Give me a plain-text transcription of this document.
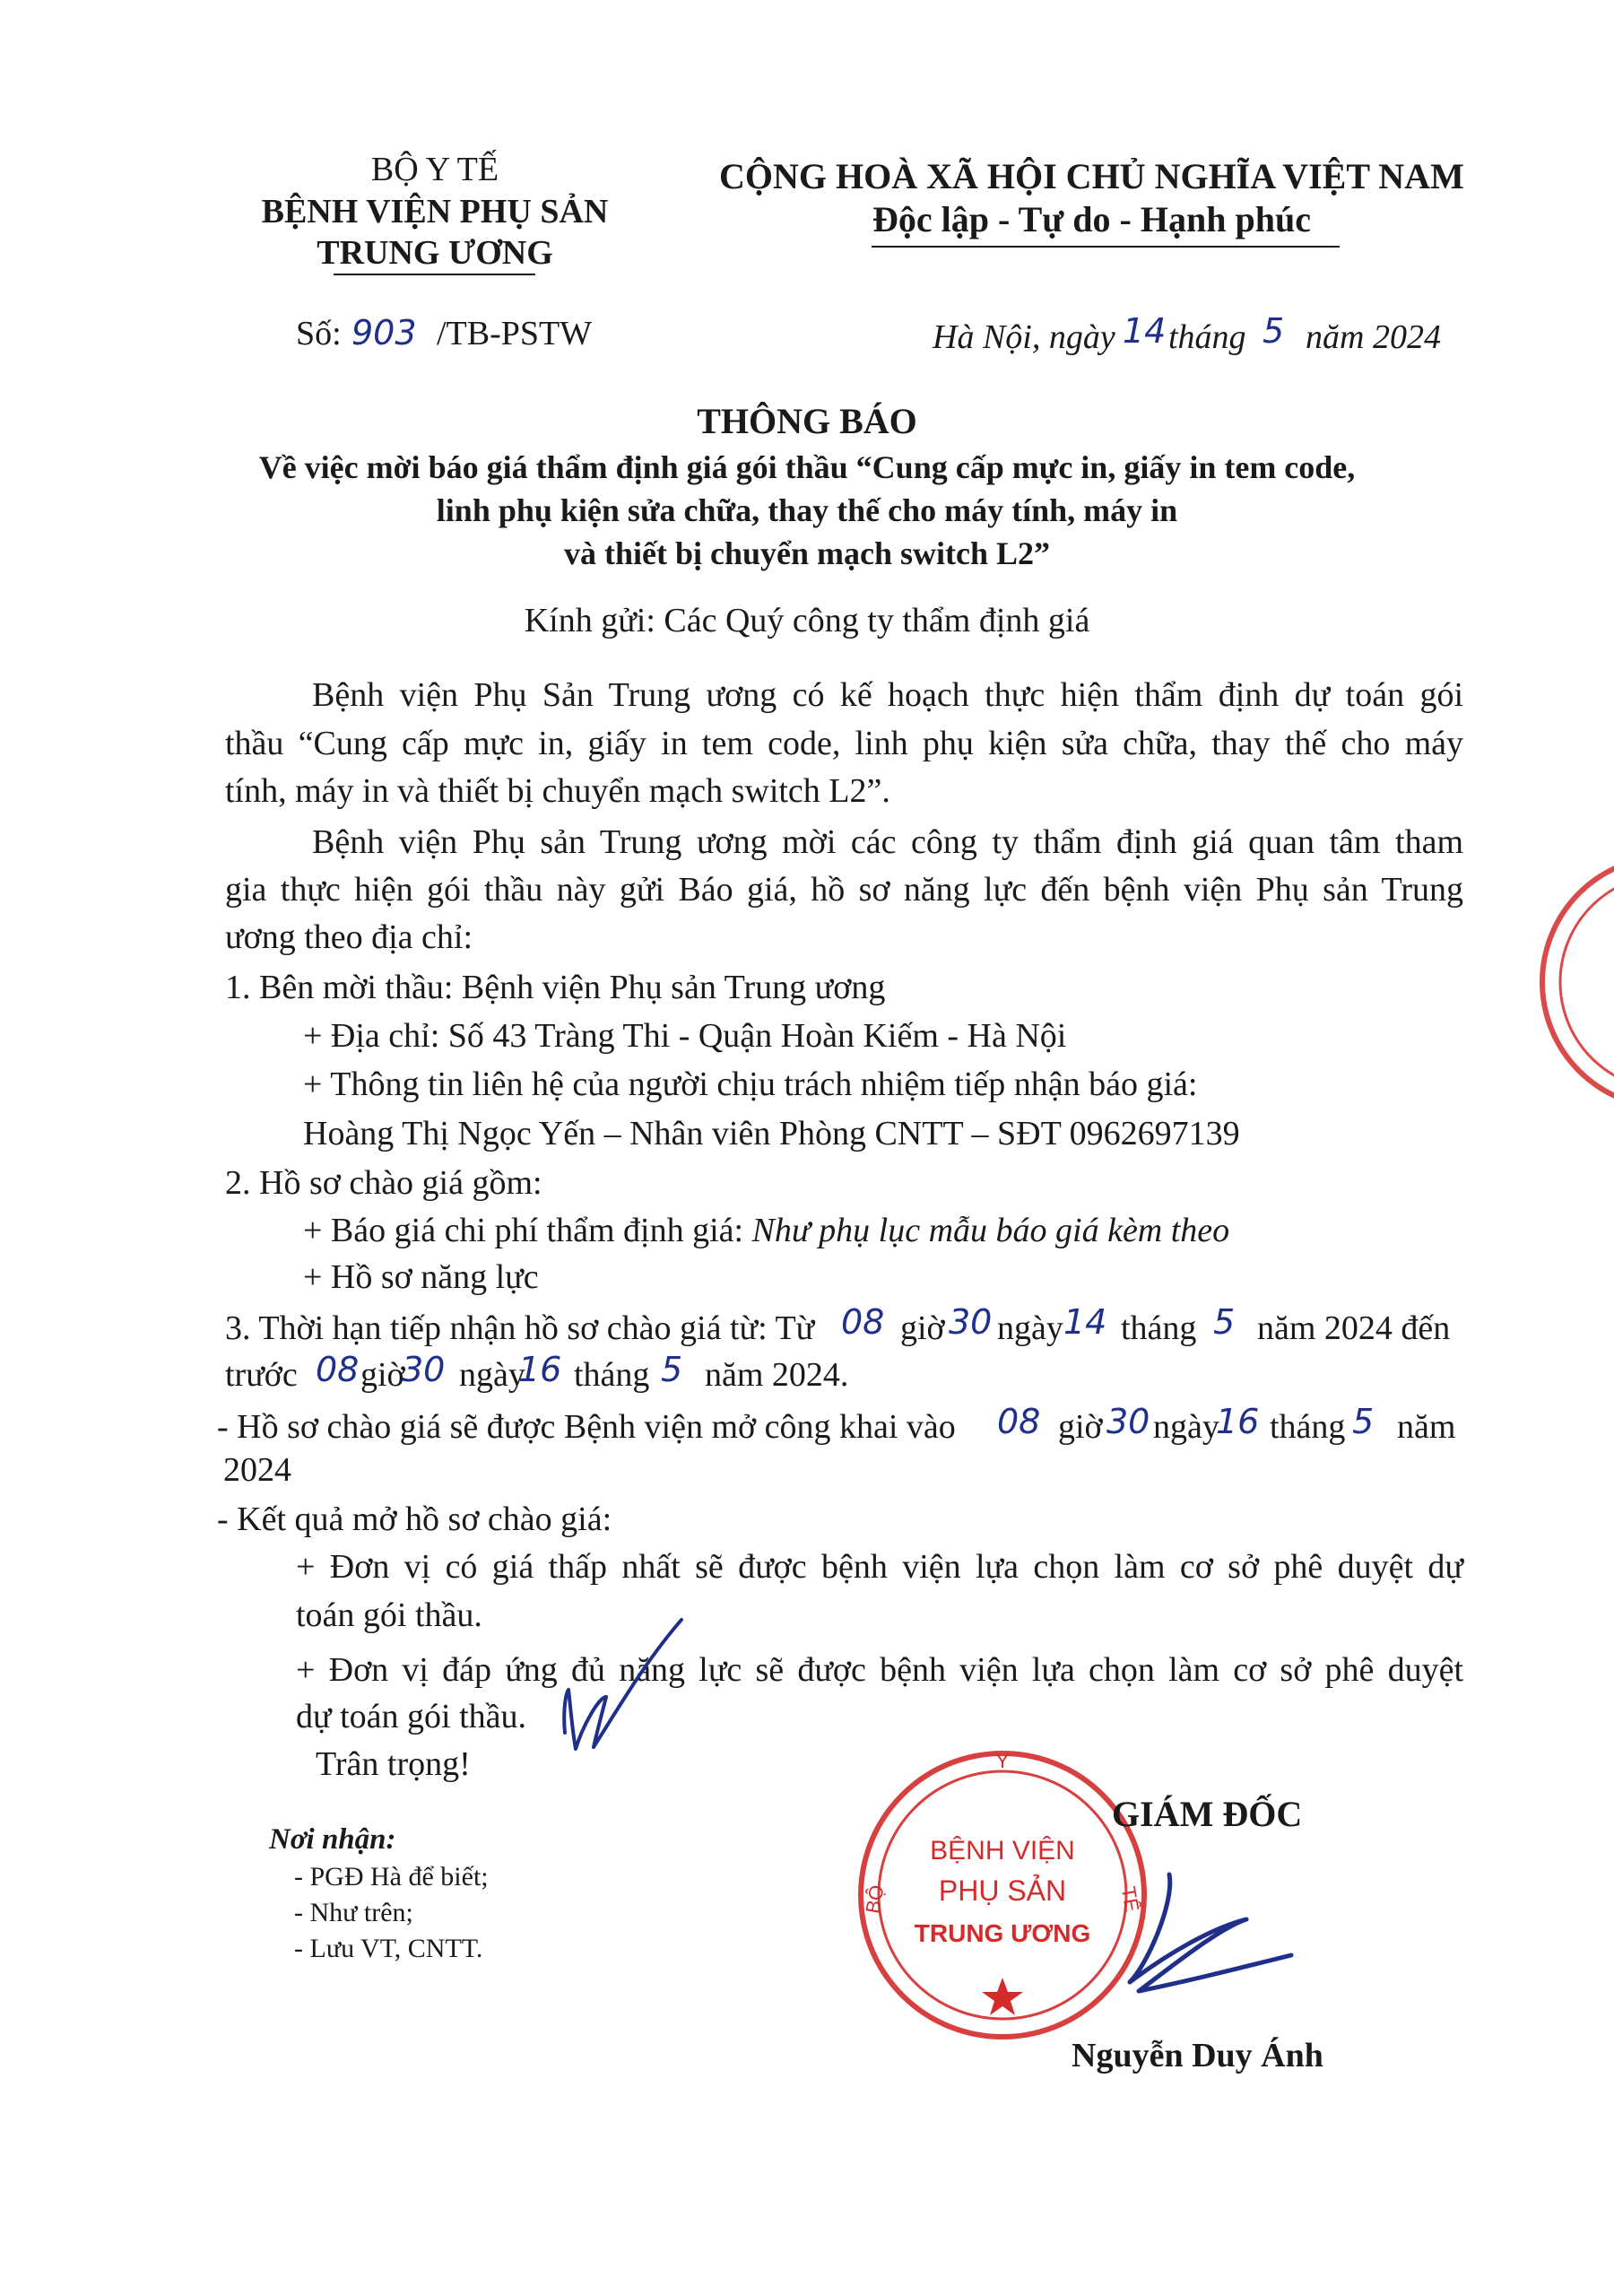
BỘ Y TẾ
BỆNH VIỆN PHỤ SẢN
TRUNG ƯƠNG
CỘNG HOÀ XÃ HỘI CHỦ NGHĨA VIỆT NAM
Độc lập - Tự do - Hạnh phúc
Số: 903 /TB-PSTW	Hà Nội, ngày 14 tháng 5 năm 2024
THÔNG BÁO
Về việc mời báo giá thẩm định giá gói thầu “Cung cấp mực in, giấy in tem code,
linh phụ kiện sửa chữa, thay thế cho máy tính, máy in
và thiết bị chuyển mạch switch L2”
Kính gửi: Các Quý công ty thẩm định giá
Bệnh viện Phụ Sản Trung ương có kế hoạch thực hiện thẩm định dự toán gói
thầu “Cung cấp mực in, giấy in tem code, linh phụ kiện sửa chữa, thay thế cho máy
tính, máy in và thiết bị chuyển mạch switch L2”.
Bệnh viện Phụ sản Trung ương mời các công ty thẩm định giá quan tâm tham
gia thực hiện gói thầu này gửi Báo giá, hồ sơ năng lực đến bệnh viện Phụ sản Trung
ương theo địa chỉ:
1. Bên mời thầu: Bệnh viện Phụ sản Trung ương
+ Địa chỉ: Số 43 Tràng Thi - Quận Hoàn Kiếm - Hà Nội
+ Thông tin liên hệ của người chịu trách nhiệm tiếp nhận báo giá:
Hoàng Thị Ngọc Yến – Nhân viên Phòng CNTT – SĐT 0962697139
2. Hồ sơ chào giá gồm:
+ Báo giá chi phí thẩm định giá: Như phụ lục mẫu báo giá kèm theo
+ Hồ sơ năng lực
3. Thời hạn tiếp nhận hồ sơ chào giá từ: Từ 08 giờ 30 ngày 14 tháng 5 năm 2024 đến
trước 08 giờ
30 ngày
16 tháng 5 năm 2024.
- Hồ sơ chào giá sẽ được Bệnh viện mở công khai vào 08 giờ 30 ngày
16 tháng 5 năm
2024
- Kết quả mở hồ sơ chào giá:
+ Đơn vị có giá thấp nhất sẽ được bệnh viện lựa chọn làm cơ sở phê duyệt dự
toán gói thầu.
+ Đơn vị đáp ứng đủ năng lực sẽ được bệnh viện lựa chọn làm cơ sở phê duyệt
dự toán gói thầu.
Trân trọng!
Nơi nhận:
- PGĐ Hà để biết;
- Như trên;
- Lưu VT, CNTT.
Y
BỘ	TẾ
BỆNH VIỆN
PHỤ SẢN
TRUNG ƯƠNG
GIÁM ĐỐC
Nguyễn Duy Ánh
